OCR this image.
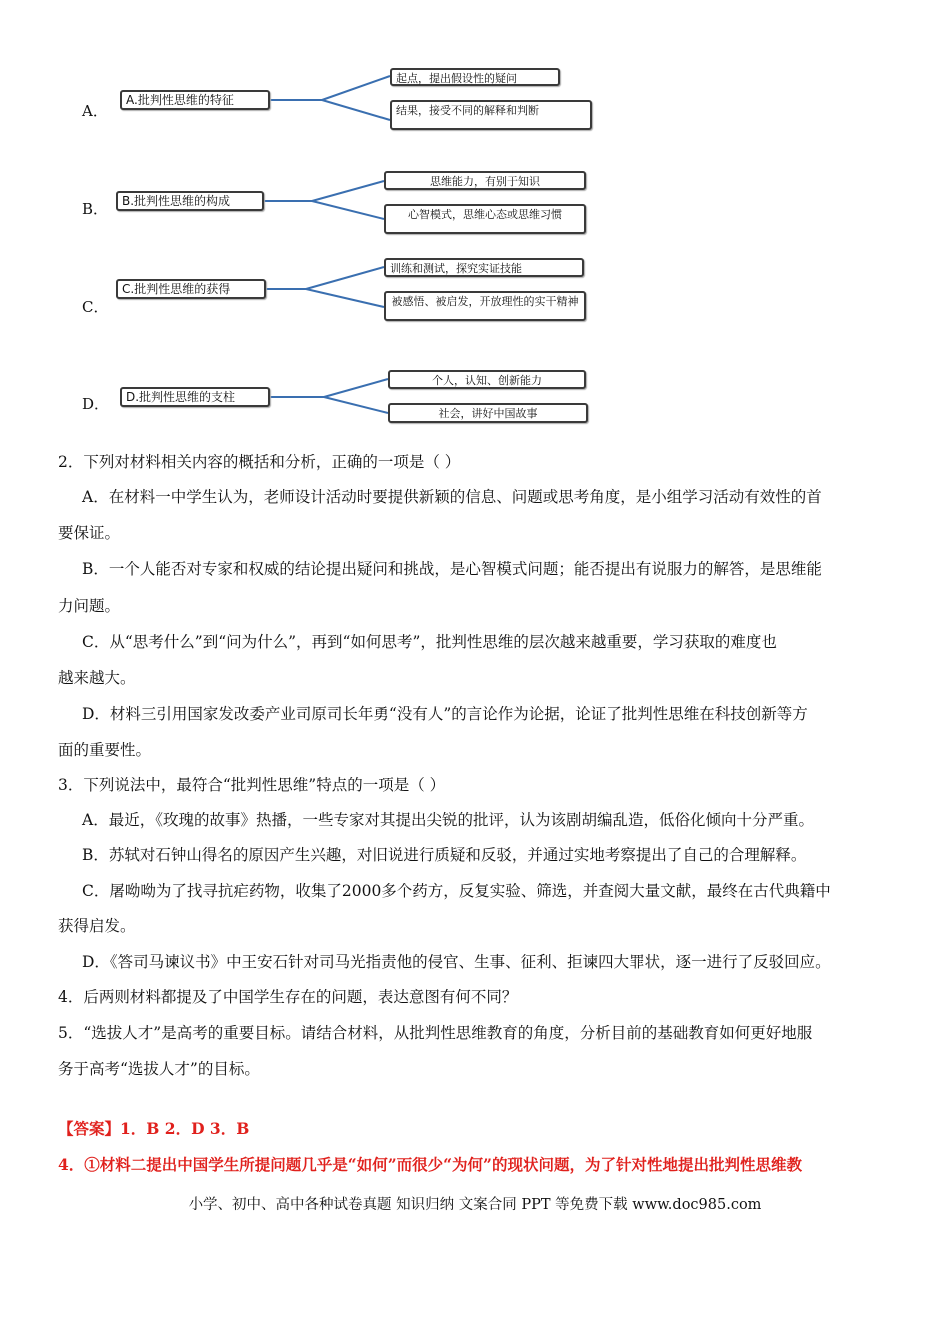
A．
A.批判性思维的特征
起点，提出假设性的疑问
结果，接受不同的解释和判断
B．	B.批判性思维的构成
思维能力，有别于知识
心智模式，思维心态或思维习惯
C．
C.批判性思维的获得
训练和测试，探究实证技能
被感悟、被启发，开放理性的实干精神
D．	D.批判性思维的支柱
个人，认知、创新能力
社会，讲好中国故事
2．下列对材料相关内容的概括和分析，正确的一项是（ ）
A．在材料一中学生认为，老师设计活动时要提供新颖的信息、问题或思考角度，是小组学习活动有效性的首
要保证。
B．一个人能否对专家和权威的结论提出疑问和挑战，是心智模式问题；能否提出有说服力的解答，是思维能
力问题。
C．从“思考什么”到“问为什么”，再到“如何思考”，批判性思维的层次越来越重要，学习获取的难度也
越来越大。
D．材料三引用国家发改委产业司原司长年勇“没有人”的言论作为论据，论证了批判性思维在科技创新等方
面的重要性。
3．下列说法中，最符合“批判性思维”特点的一项是（ ）
A．最近，《玫瑰的故事》热播，一些专家对其提出尖锐的批评，认为该剧胡编乱造，低俗化倾向十分严重。
B．苏轼对石钟山得名的原因产生兴趣，对旧说进行质疑和反驳，并通过实地考察提出了自己的合理解释。
C．屠呦呦为了找寻抗疟药物，收集了2000多个药方，反复实验、筛选，并查阅大量文献，最终在古代典籍中
获得启发。
D．《答司马谏议书》中王安石针对司马光指责他的侵官、生事、征利、拒谏四大罪状，逐一进行了反驳回应。
4．后两则材料都提及了中国学生存在的问题，表达意图有何不同？
5．“选拔人才”是高考的重要目标。请结合材料，从批判性思维教育的角度，分析目前的基础教育如何更好地服
务于高考“选拔人才”的目标。
【答案】1．B 2．D 3．B
4．①材料二提出中国学生所提问题几乎是“如何”而很少“为何”的现状问题，为了针对性地提出批判性思维教
小学、初中、高中各种试卷真题 知识归纳 文案合同 PPT 等免费下载 www.doc985.com
